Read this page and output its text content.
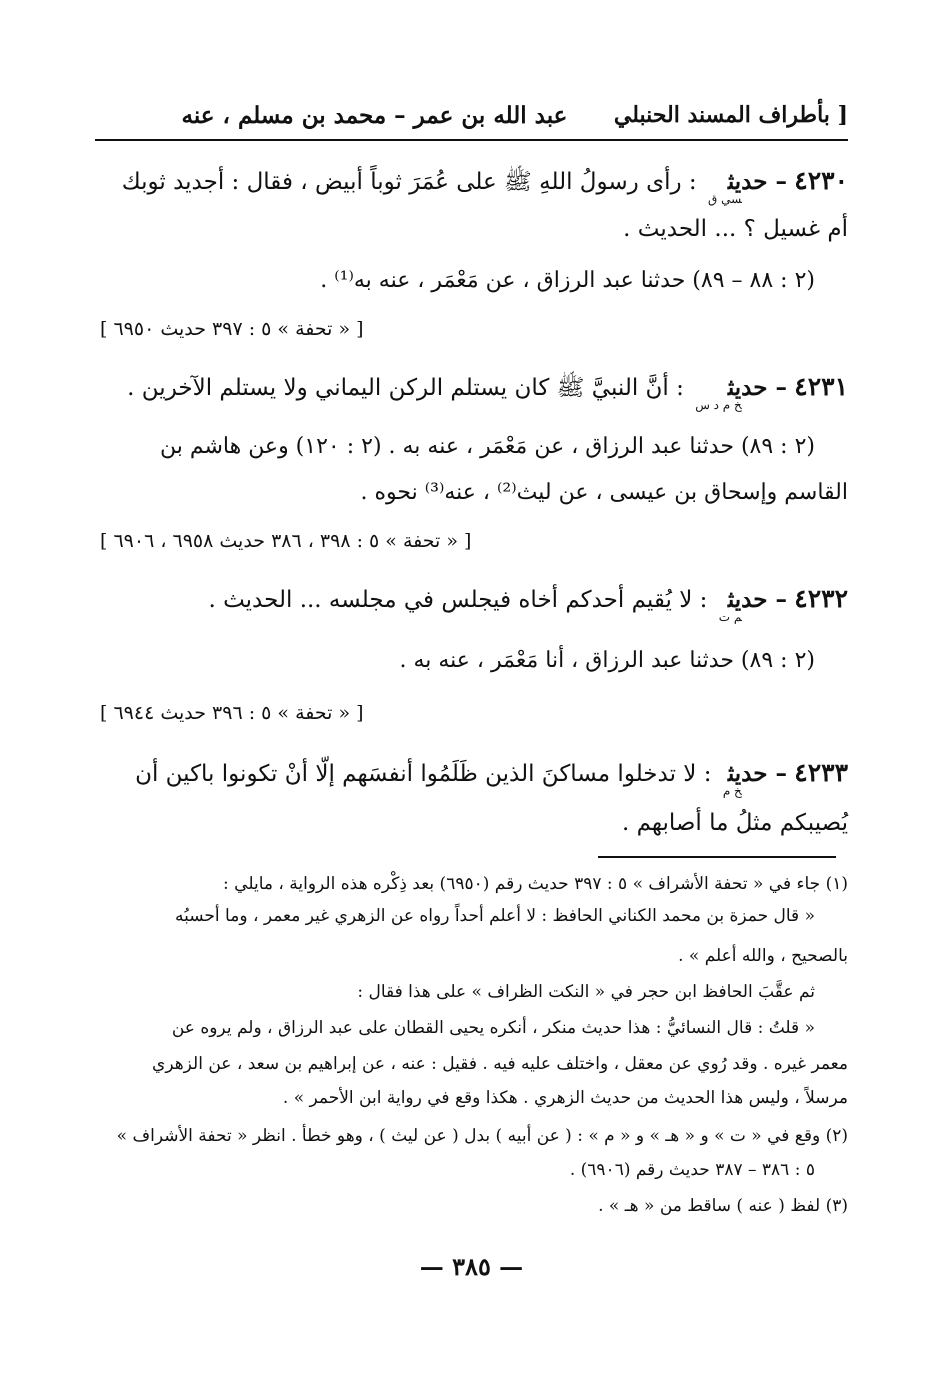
بأطراف المسند الحنبلي ]
عبد الله بن عمر – محمد بن مسلم ، عنه
٤٢٣٠ – حديث$_{سي ق}$ : رأى رسولُ اللهِ ﷺ على عُمَرَ ثوباً أبيض ، فقال : أجديد ثوبك
أم غسيل ؟ ... الحديث .
(٢ : ٨٨ – ٨٩) حدثنا عبد الرزاق ، عن مَعْمَر ، عنه به⁽¹⁾ .
[ « تحفة » ٥ : ٣٩٧ حديث ٦٩٥٠ ]
٤٢٣١ – حديث$_{خ م د س}$ : أنَّ النبيَّ ﷺ كان يستلم الركن اليماني ولا يستلم الآخرين .
(٢ : ٨٩) حدثنا عبد الرزاق ، عن مَعْمَر ، عنه به . (٢ : ١٢٠) وعن هاشم بن
القاسم وإسحاق بن عيسى ، عن ليث⁽²⁾ ، عنه⁽³⁾ نحوه .
[ « تحفة » ٥ : ٣٩٨ ، ٣٨٦ حديث ٦٩٥٨ ، ٦٩٠٦ ]
٤٢٣٢ – حديث$_{م ت}$ : لا يُقيم أحدكم أخاه فيجلس في مجلسه ... الحديث .
(٢ : ٨٩) حدثنا عبد الرزاق ، أنا مَعْمَر ، عنه به .
[ « تحفة » ٥ : ٣٩٦ حديث ٦٩٤٤ ]
٤٢٣٣ – حديث$_{خ م}$ : لا تدخلوا مساكنَ الذين ظَلَمُوا أنفسَهم إلّا أنْ تكونوا باكين أن
يُصيبكم مثلُ ما أصابهم .
(١) جاء في « تحفة الأشراف » ٥ : ٣٩٧ حديث رقم (٦٩٥٠) بعد ذِكْره هذه الرواية ، مايلي :
« قال حمزة بن محمد الكناني الحافظ : لا أعلم أحداً رواه عن الزهري غير معمر ، وما أحسبُه
بالصحيح ، والله أعلم » .
ثم عقَّبَ الحافظ ابن حجر في « النكت الظراف » على هذا فقال :
« قلتُ : قال النسائيُّ : هذا حديث منكر ، أنكره يحيى القطان على عبد الرزاق ، ولم يروه عن
معمر غيره . وقد رُوي عن معقل ، واختلف عليه فيه . فقيل : عنه ، عن إبراهيم بن سعد ، عن الزهري
مرسلاً ، وليس هذا الحديث من حديث الزهري . هكذا وقع في رواية ابن الأحمر » .
(٢) وقع في « ت » و « هـ » و « م » : ( عن أبيه ) بدل ( عن ليث ) ، وهو خطأ . انظر « تحفة الأشراف »
٥ : ٣٨٦ – ٣٨٧ حديث رقم (٦٩٠٦) .
(٣) لفظ ( عنه ) ساقط من « هـ » .
— ٣٨٥ —
